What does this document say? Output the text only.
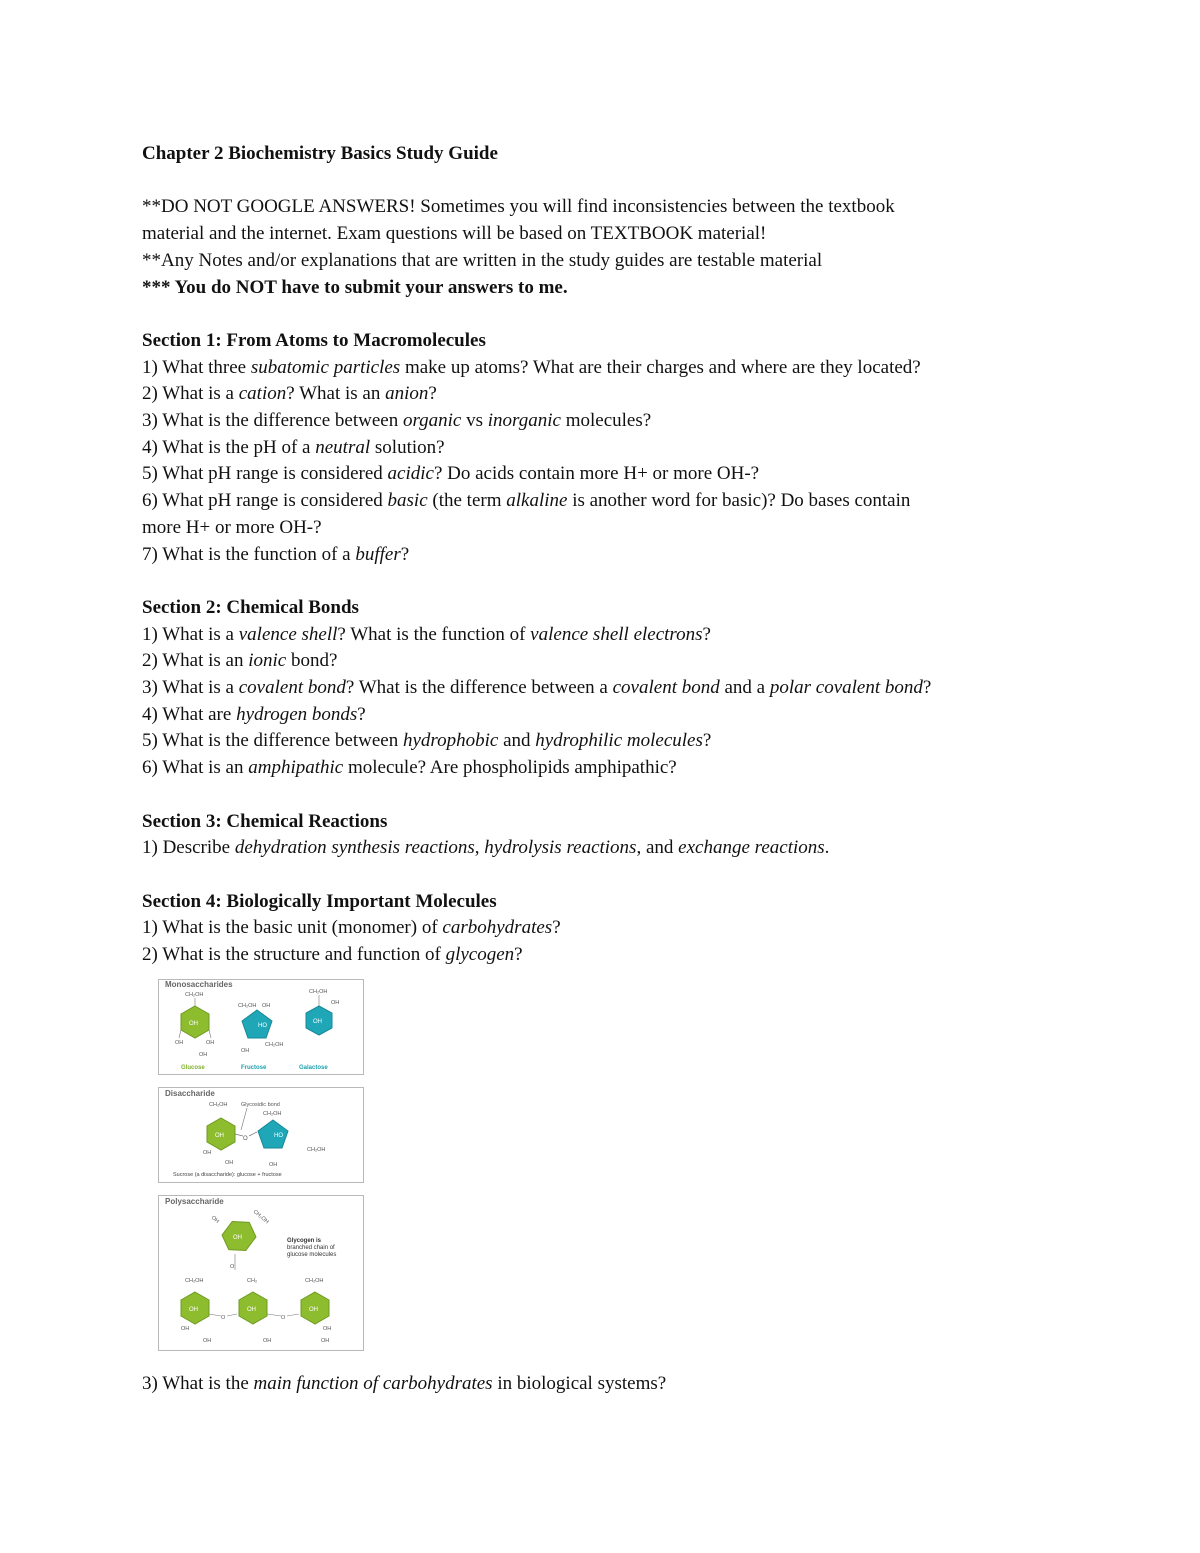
Chapter 2 Biochemistry Basics Study Guide
**DO NOT GOOGLE ANSWERS! Sometimes you will find inconsistencies between the textbook
material and the internet. Exam questions will be based on TEXTBOOK material!
**Any Notes and/or explanations that are written in the study guides are testable material
*** You do NOT have to submit your answers to me.
Section 1: From Atoms to Macromolecules
1) What three subatomic particles make up atoms? What are their charges and where are they located?
2) What is a cation? What is an anion?
3) What is the difference between organic vs inorganic molecules?
4) What is the pH of a neutral solution?
5) What pH range is considered acidic? Do acids contain more H+ or more OH-?
6) What pH range is considered basic (the term alkaline is another word for basic)? Do bases contain
more H+ or more OH-?
7) What is the function of a buffer?
Section 2: Chemical Bonds
1) What is a valence shell? What is the function of valence shell electrons?
2) What is an ionic bond?
3) What is a covalent bond? What is the difference between a covalent bond and a polar covalent bond?
4) What are hydrogen bonds?
5) What is the difference between hydrophobic and hydrophilic molecules?
6) What is an amphipathic molecule? Are phospholipids amphipathic?
Section 3: Chemical Reactions
1) Describe dehydration synthesis reactions, hydrolysis reactions, and exchange reactions.
Section 4: Biologically Important Molecules
1) What is the basic unit (monomer) of carbohydrates?
2) What is the structure and function of glycogen?
Monosaccharides
OH
CH₂OH
OH	OH
OH
Glucose
HO
CH₂OH OH
CH₂OH
OH
Fructose
OH
CH₂OH
OH
Galactose
Disaccharide
CH₂OH Glycosidic bond
OH	O	HO
CH₂OH
CH₂OH
OH
OH	OH
Sucrose (a disaccharide): glucose + fructose
Polysaccharide
OH
OH	CH₂OH
O
Glycogen is
branched chain of
glucose molecules
CH₂OH	CH₂	CH₂OH
OH
O
OH
O
OH
OH
OH	OH
OH
OH
3) What is the main function of carbohydrates in biological systems?
